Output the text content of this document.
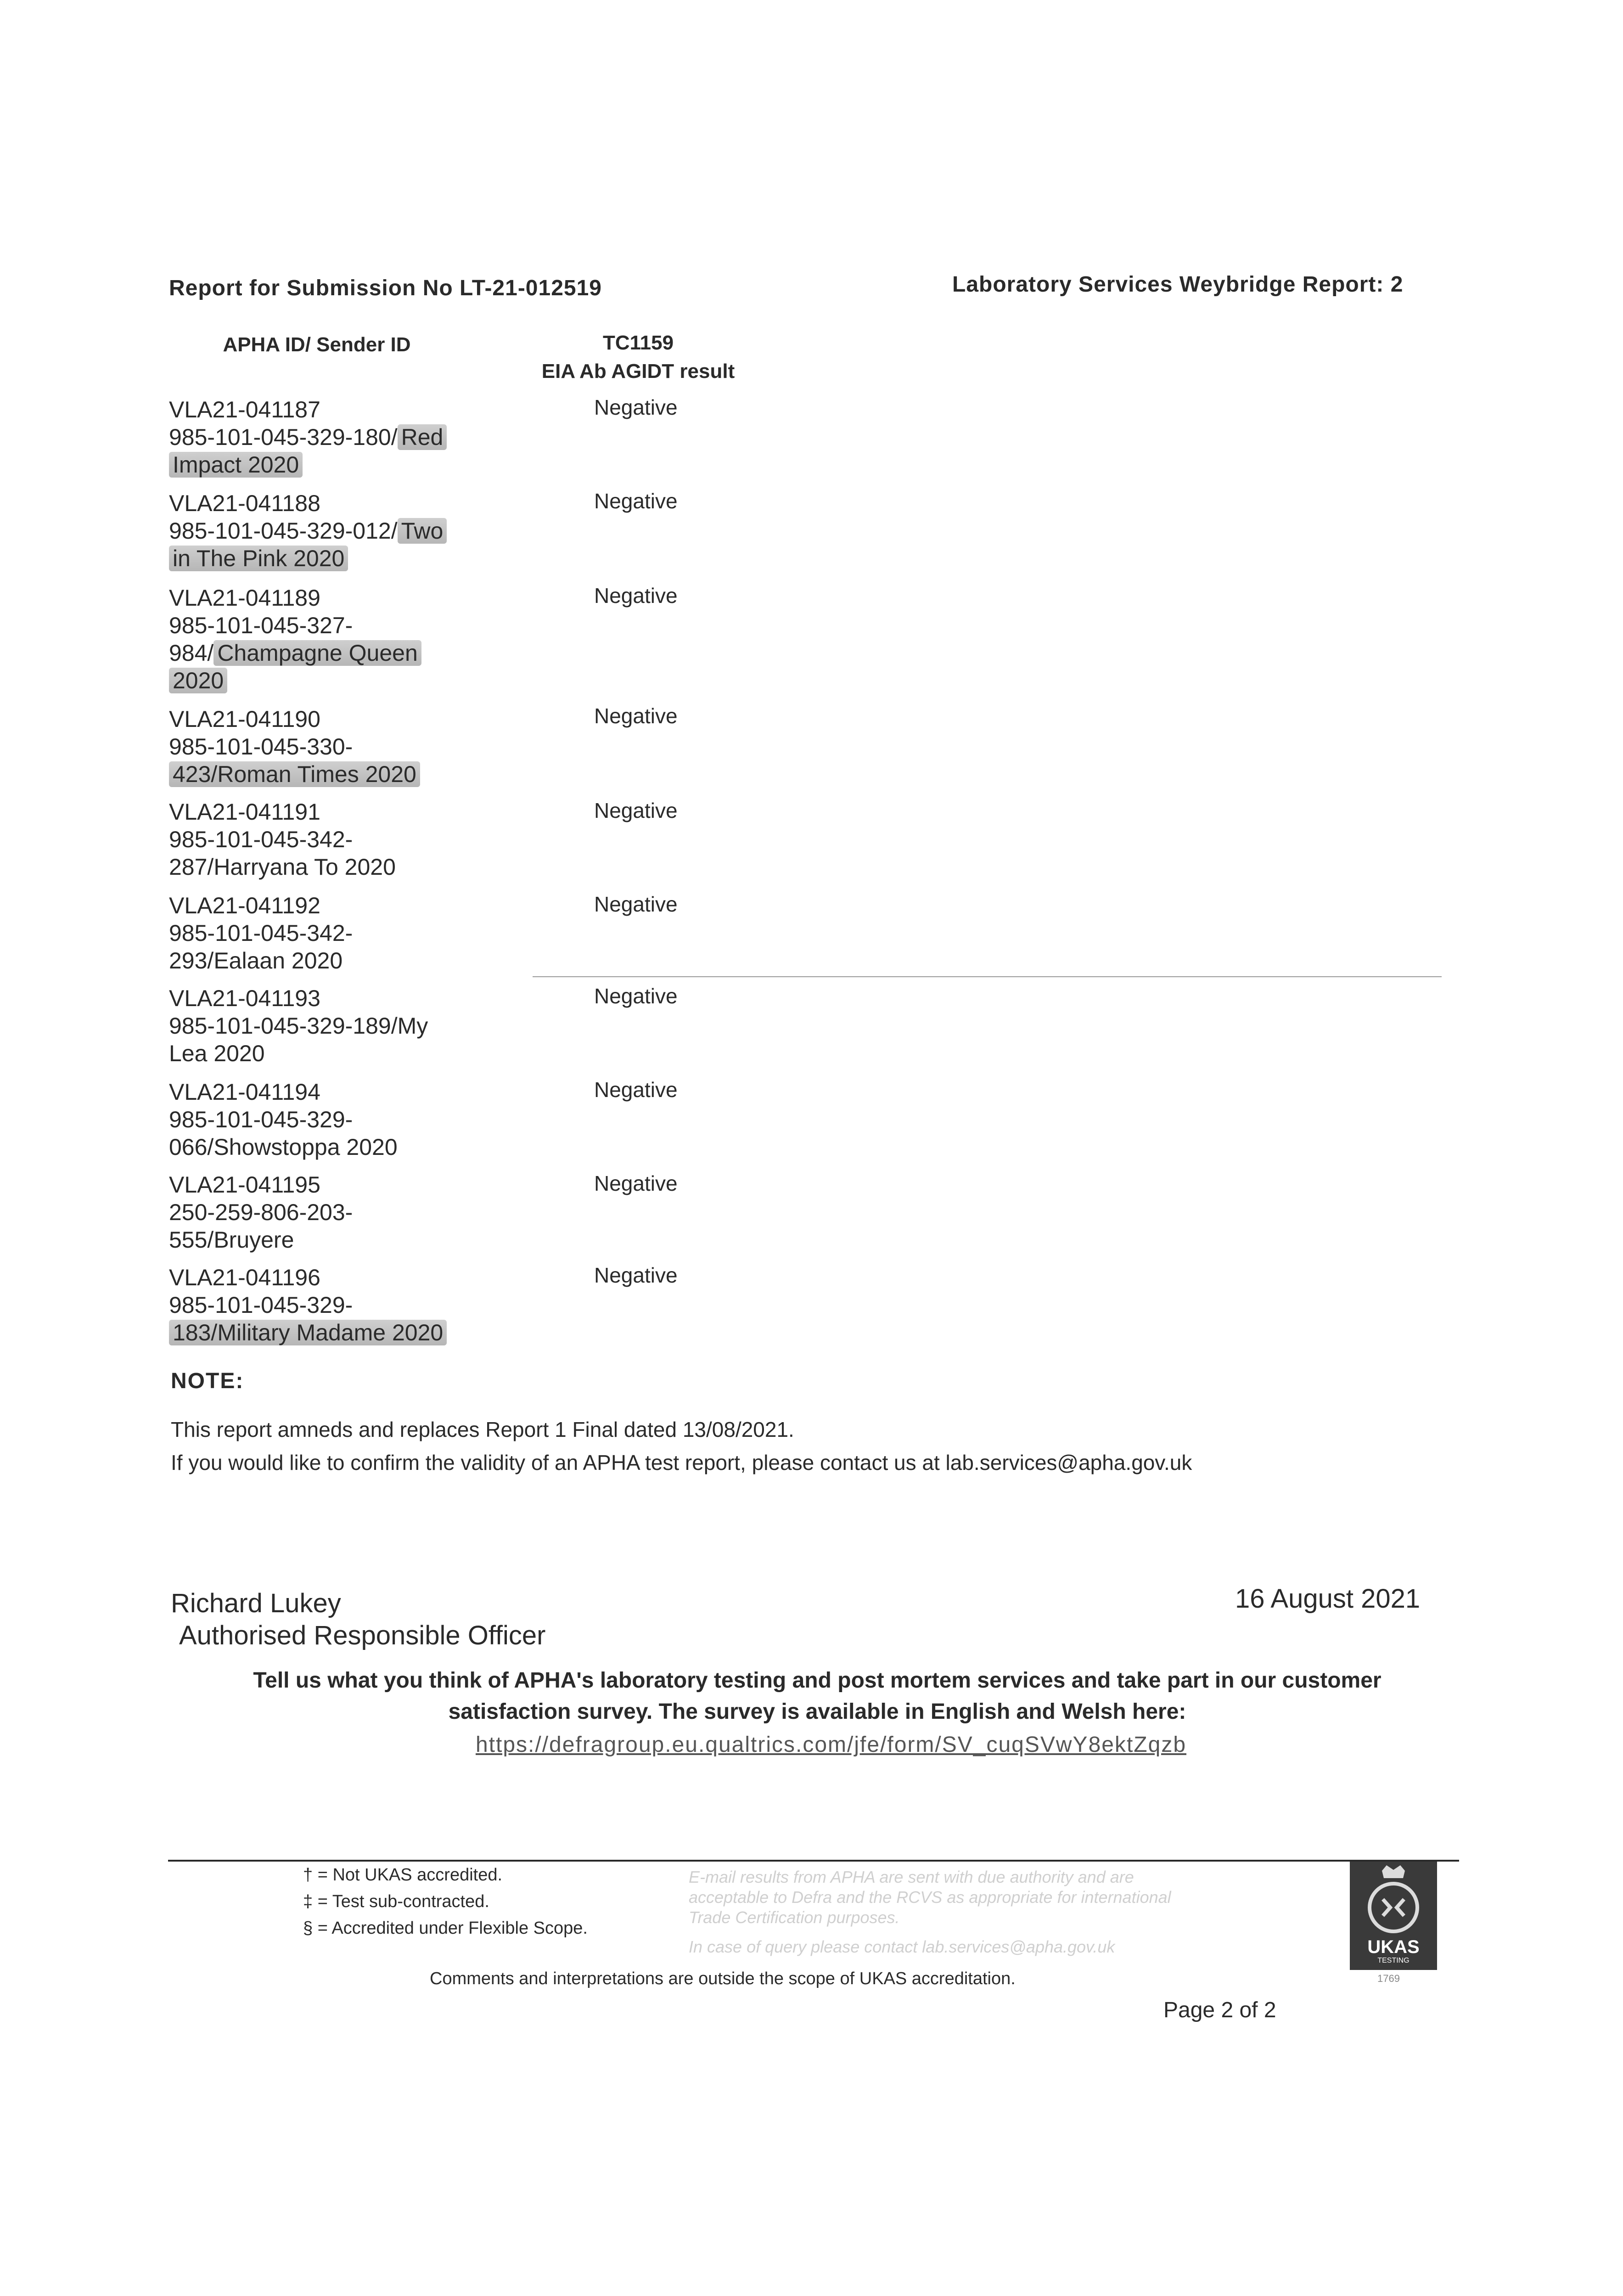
Report for Submission No LT-21-012519	Laboratory Services Weybridge Report: 2
APHA ID/ Sender ID	TC1159
EIA Ab AGIDT result
VLA21-041187
985-101-045-329-180/ Red
Impact 2020
Negative
VLA21-041188
985-101-045-329-012/ Two
in The Pink 2020
Negative
VLA21-041189
985-101-045-327-
984/ Champagne Queen
2020
Negative
VLA21-041190
985-101-045-330-
423/Roman Times 2020
Negative
VLA21-041191
985-101-045-342-
287/Harryana To 2020
Negative
VLA21-041192
985-101-045-342-
293/Ealaan 2020
Negative
VLA21-041193
985-101-045-329-189/My
Lea 2020
Negative
VLA21-041194
985-101-045-329-
066/Showstoppa 2020
Negative
VLA21-041195
250-259-806-203-
555/Bruyere
Negative
VLA21-041196
985-101-045-329-
183/Military Madame 2020
Negative
NOTE:
This report amneds and replaces Report 1 Final dated 13/08/2021.
If you would like to confirm the validity of an APHA test report, please contact us at lab.services@apha.gov.uk
Richard Lukey
Authorised Responsible Officer
16 August 2021
Tell us what you think of APHA's laboratory testing and post mortem services and take part in our customer
satisfaction survey. The survey is available in English and Welsh here:
https://defragroup.eu.qualtrics.com/jfe/form/SV_cuqSVwY8ektZqzb
† = Not UKAS accredited.
‡ = Test sub-contracted.
§ = Accredited under Flexible Scope.
E-mail results from APHA are sent with due authority and are
acceptable to Defra and the RCVS as appropriate for international
Trade Certification purposes.
In case of query please contact lab.services@apha.gov.uk
Comments and interpretations are outside the scope of UKAS accreditation.
Page 2 of 2
UKAS
TESTING
1769
